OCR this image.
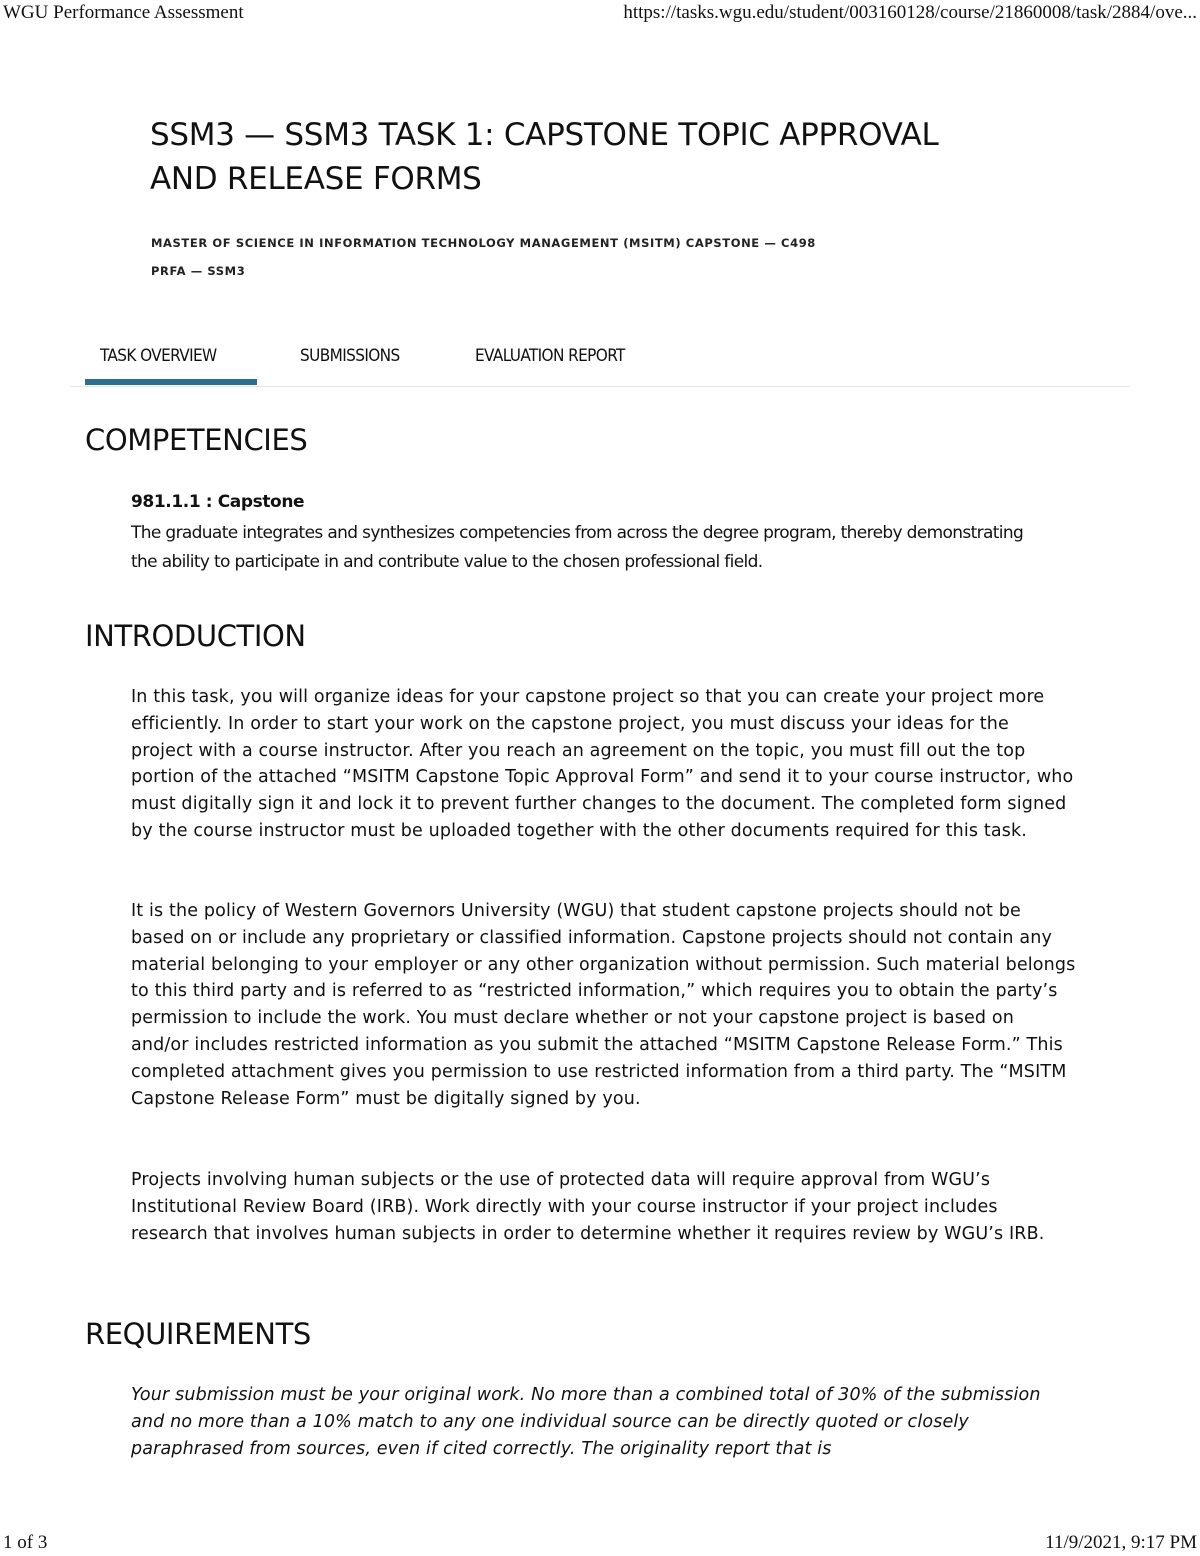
WGU Performance Assessment	https://tasks.wgu.edu/student/003160128/course/21860008/task/2884/ove...
SSM3 — SSM3 TASK 1: CAPSTONE TOPIC APPROVAL
AND RELEASE FORMS
MASTER OF SCIENCE IN INFORMATION TECHNOLOGY MANAGEMENT (MSITM) CAPSTONE — C498
PRFA — SSM3
TASK OVERVIEW	SUBMISSIONS	EVALUATION REPORT
COMPETENCIES
981.1.1 : Capstone

The graduate integrates and synthesizes competencies from across the degree program, thereby demonstrating the ability to participate in and contribute value to the chosen professional field.

INTRODUCTION

In this task, you will organize ideas for your capstone project so that you can create your project more efficiently. In order to start your work on the capstone project, you must discuss your ideas for the project with a course instructor. After you reach an agreement on the topic, you must fill out the top portion of the attached “MSITM Capstone Topic Approval Form” and send it to your course instructor, who must digitally sign it and lock it to prevent further changes to the document. The completed form signed by the course instructor must be uploaded together with the other documents required for this task.

It is the policy of Western Governors University (WGU) that student capstone projects should not be based on or include any proprietary or classified information. Capstone projects should not contain any material belonging to your employer or any other organization without permission. Such material belongs to this third party and is referred to as “restricted information,” which requires you to obtain the party’s permission to include the work. You must declare whether or not your capstone project is based on and/or includes restricted information as you submit the attached “MSITM Capstone Release Form.” This completed attachment gives you permission to use restricted information from a third party. The “MSITM Capstone Release Form” must be digitally signed by you.

Projects involving human subjects or the use of protected data will require approval from WGU’s Institutional Review Board (IRB). Work directly with your course instructor if your project includes research that involves human subjects in order to determine whether it requires review by WGU’s IRB.

REQUIREMENTS

Your submission must be your original work. No more than a combined total of 30% of the submission and no more than a 10% match to any one individual source can be directly quoted or closely paraphrased from sources, even if cited correctly. The originality report that is

1 of 3	11/9/2021, 9:17 PM
